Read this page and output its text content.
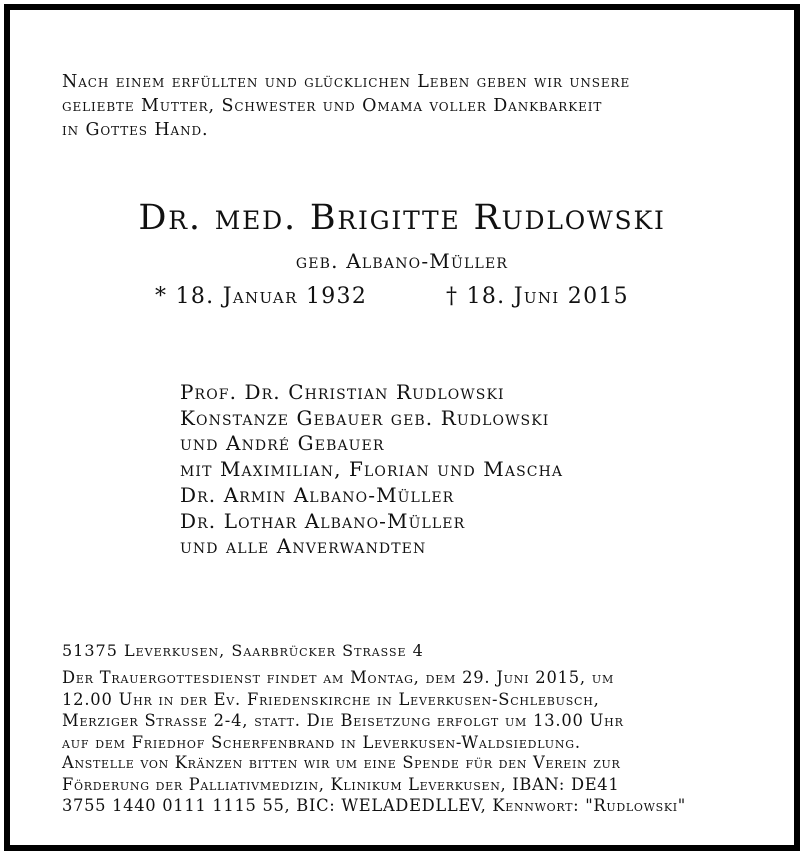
Nach einem erfüllten und glücklichen Leben geben wir unsere
geliebte Mutter, Schwester und Omama voller Dankbarkeit
in Gottes Hand.
Dr. med. Brigitte Rudlowski
geb. Albano-Müller
* 18. Januar 1932	† 18. Juni 2015
Prof. Dr. Christian Rudlowski
Konstanze Gebauer geb. Rudlowski
und André Gebauer
mit Maximilian, Florian und Mascha
Dr. Armin Albano-Müller
Dr. Lothar Albano-Müller
und alle Anverwandten
51375 Leverkusen, Saarbrücker Strasse 4
Der Trauergottesdienst findet am Montag, dem 29. Juni 2015, um
12.00 Uhr in der Ev. Friedenskirche in Leverkusen-Schlebusch,
Merziger Strasse 2-4, statt. Die Beisetzung erfolgt um 13.00 Uhr
auf dem Friedhof Scherfenbrand in Leverkusen-Waldsiedlung.
Anstelle von Kränzen bitten wir um eine Spende für den Verein zur
Förderung der Palliativmedizin, Klinikum Leverkusen, IBAN: DE41
3755 1440 0111 1115 55, BIC: WELADEDLLEV, Kennwort: "Rudlowski"
